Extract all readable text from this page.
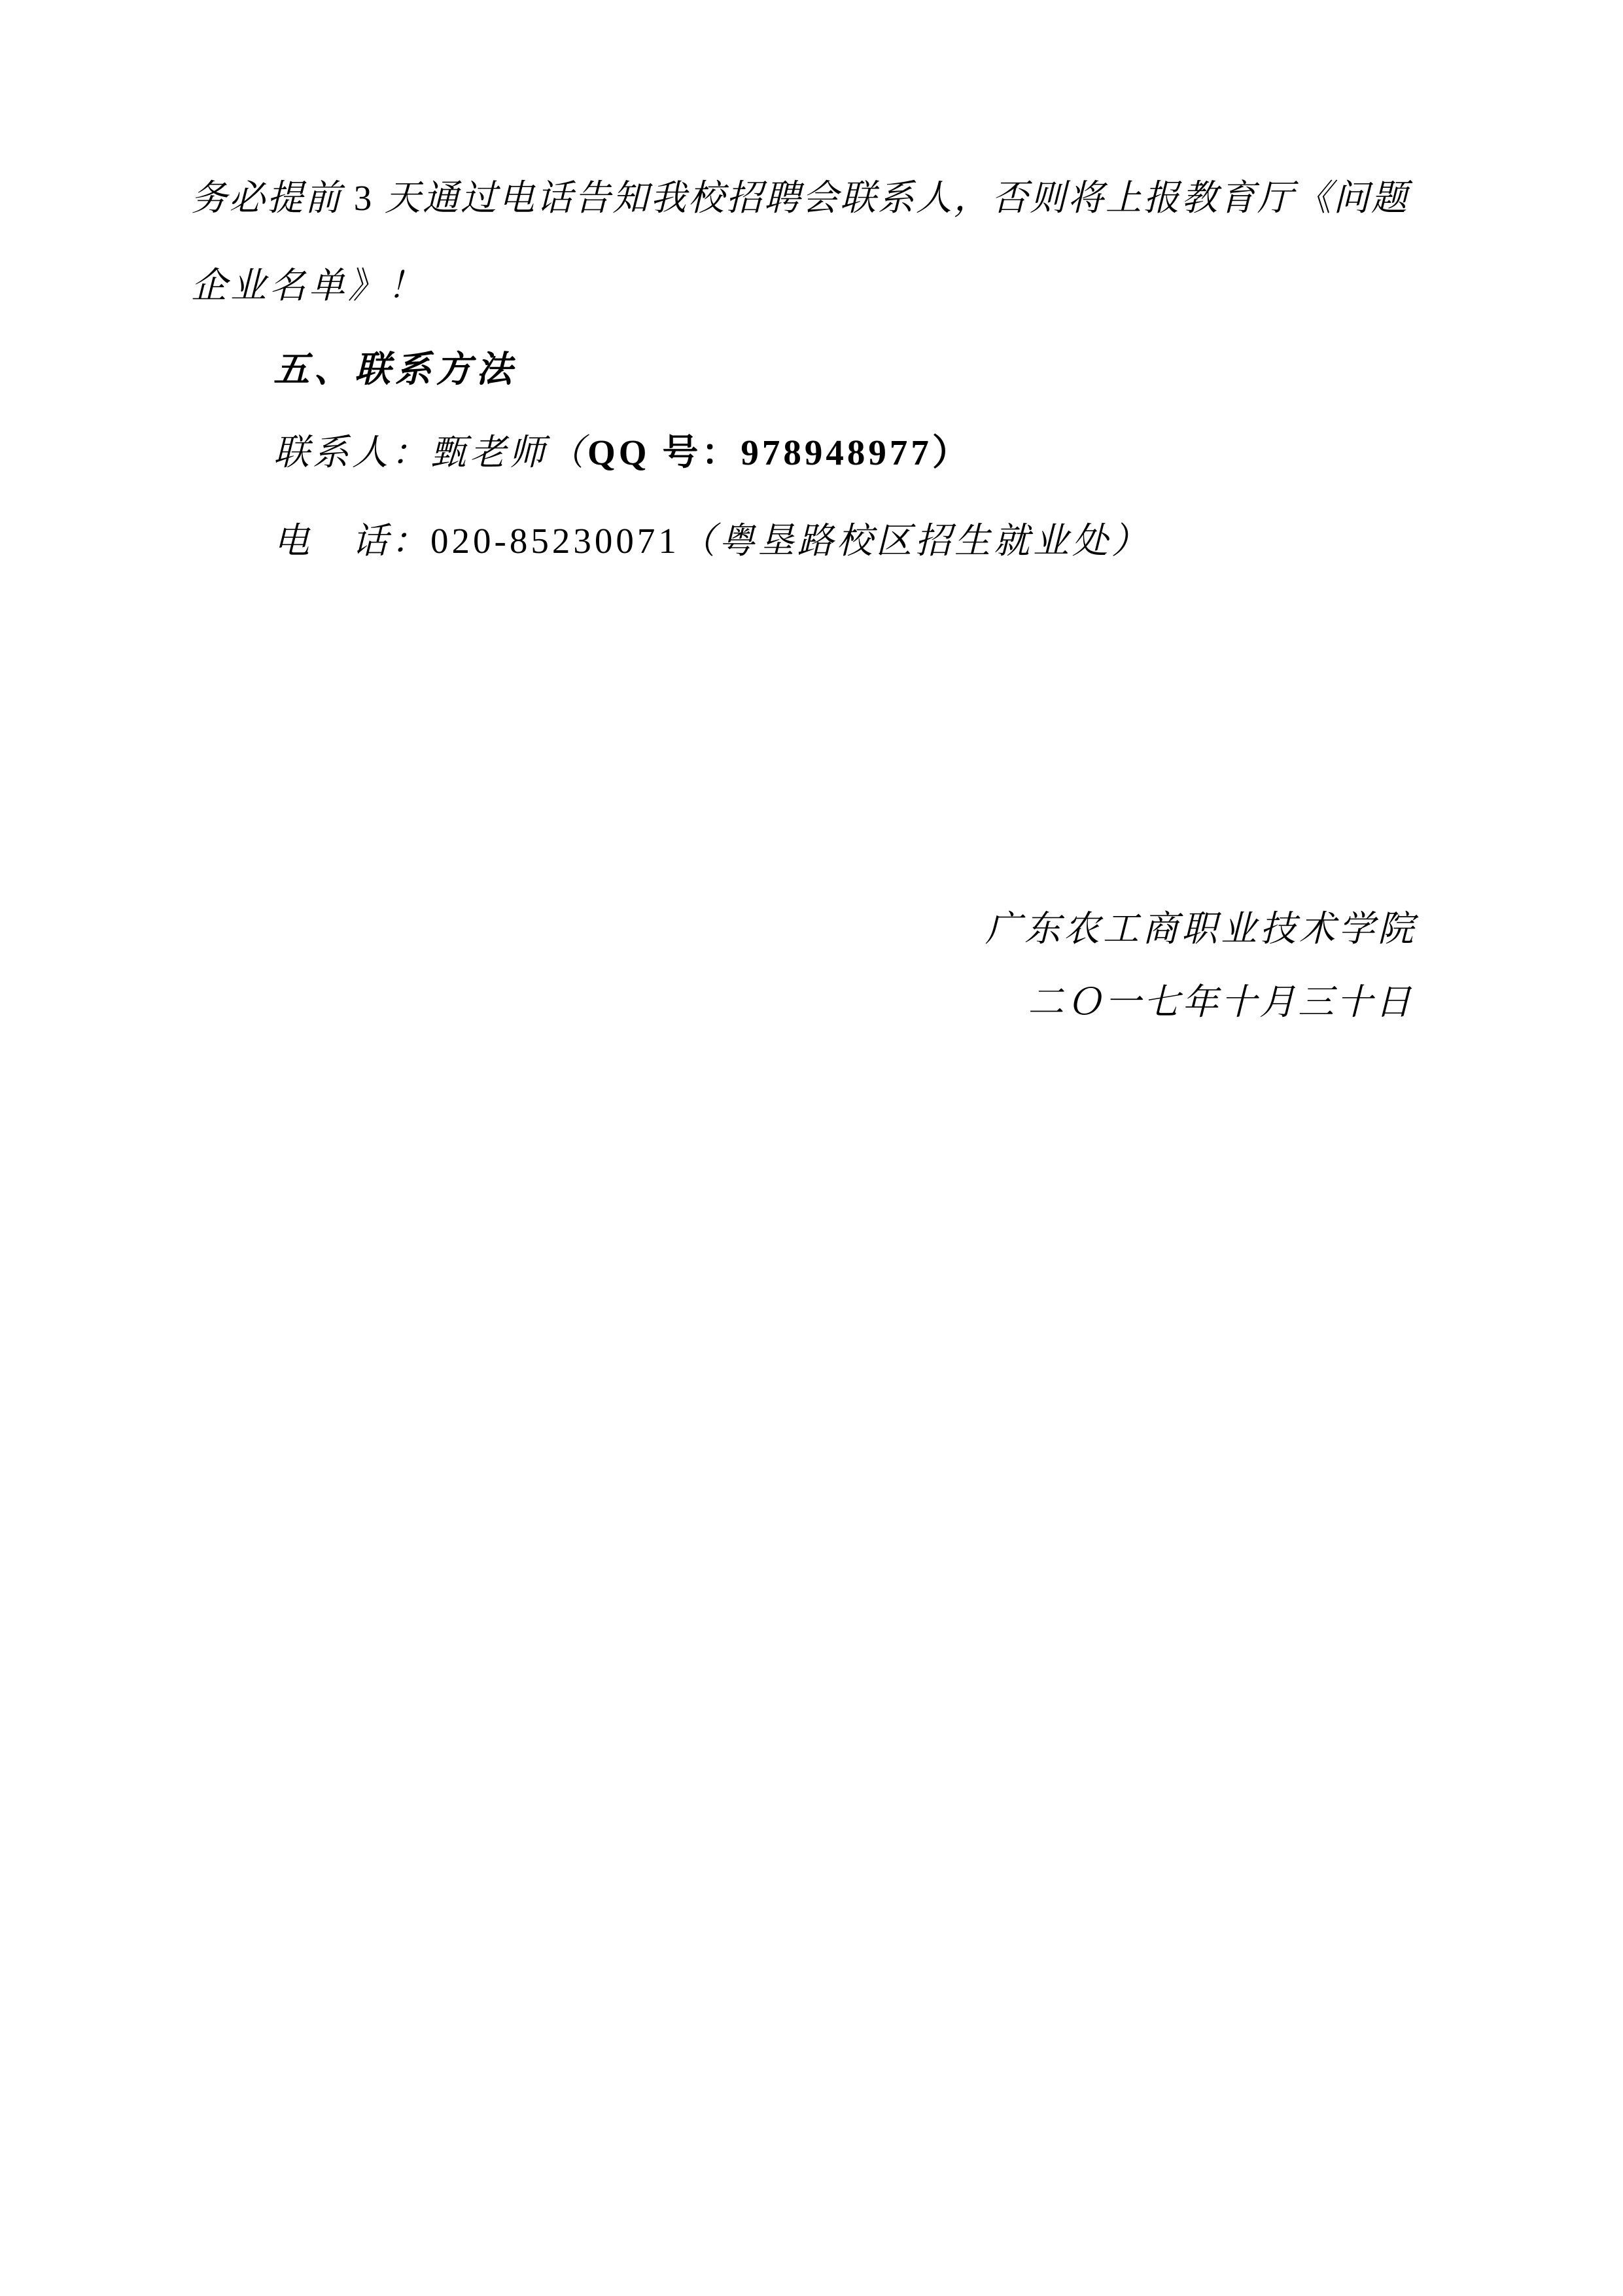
务必提前 3 天通过电话告知我校招聘会联系人，否则将上报教育厅《问题

企业名单》！

五、联系方法

联系人：甄老师（QQ 号：978948977）

电　话：020-85230071（粤垦路校区招生就业处）

广东农工商职业技术学院

二Ｏ一七年十月三十日
